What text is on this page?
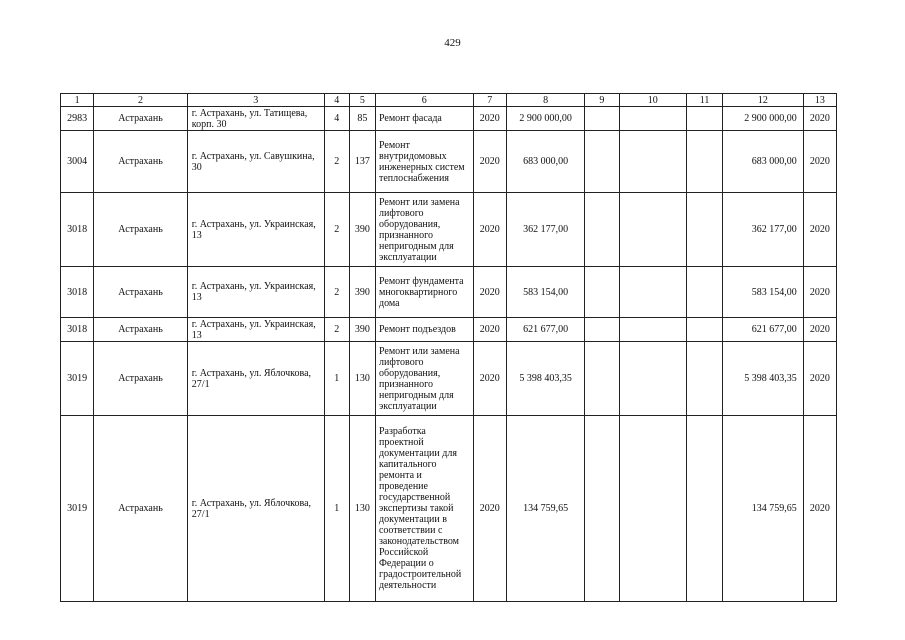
429
1	2	3	4	5	6	7	8	9	10	11	12	13
2983	Астрахань	г. Астрахань, ул. Татищева, корп. 30	4	85	Ремонт фасада	2020	2 900 000,00				2 900 000,00	2020
3004	Астрахань	г. Астрахань, ул. Савушкина, 30	2	137	Ремонт внутридомовых инженерных систем теплоснабжения	2020	683 000,00				683 000,00	2020
3018	Астрахань	г. Астрахань, ул. Украинская, 13	2	390	Ремонт или замена лифтового оборудования, признанного непригодным для эксплуатации	2020	362 177,00				362 177,00	2020
3018	Астрахань	г. Астрахань, ул. Украинская, 13	2	390	Ремонт фундамента многоквартирного дома	2020	583 154,00				583 154,00	2020
3018	Астрахань	г. Астрахань, ул. Украинская, 13	2	390	Ремонт подъездов	2020	621 677,00				621 677,00	2020
3019	Астрахань	г. Астрахань, ул. Яблочкова, 27/1	1	130	Ремонт или замена лифтового оборудования, признанного непригодным для эксплуатации	2020	5 398 403,35				5 398 403,35	2020
3019	Астрахань	г. Астрахань, ул. Яблочкова, 27/1	1	130	Разработка проектной документации для капитального ремонта и проведение государственной экспертизы такой документации в соответствии с законодательством Российской Федерации о градостроительной деятельности	2020	134 759,65				134 759,65	2020
